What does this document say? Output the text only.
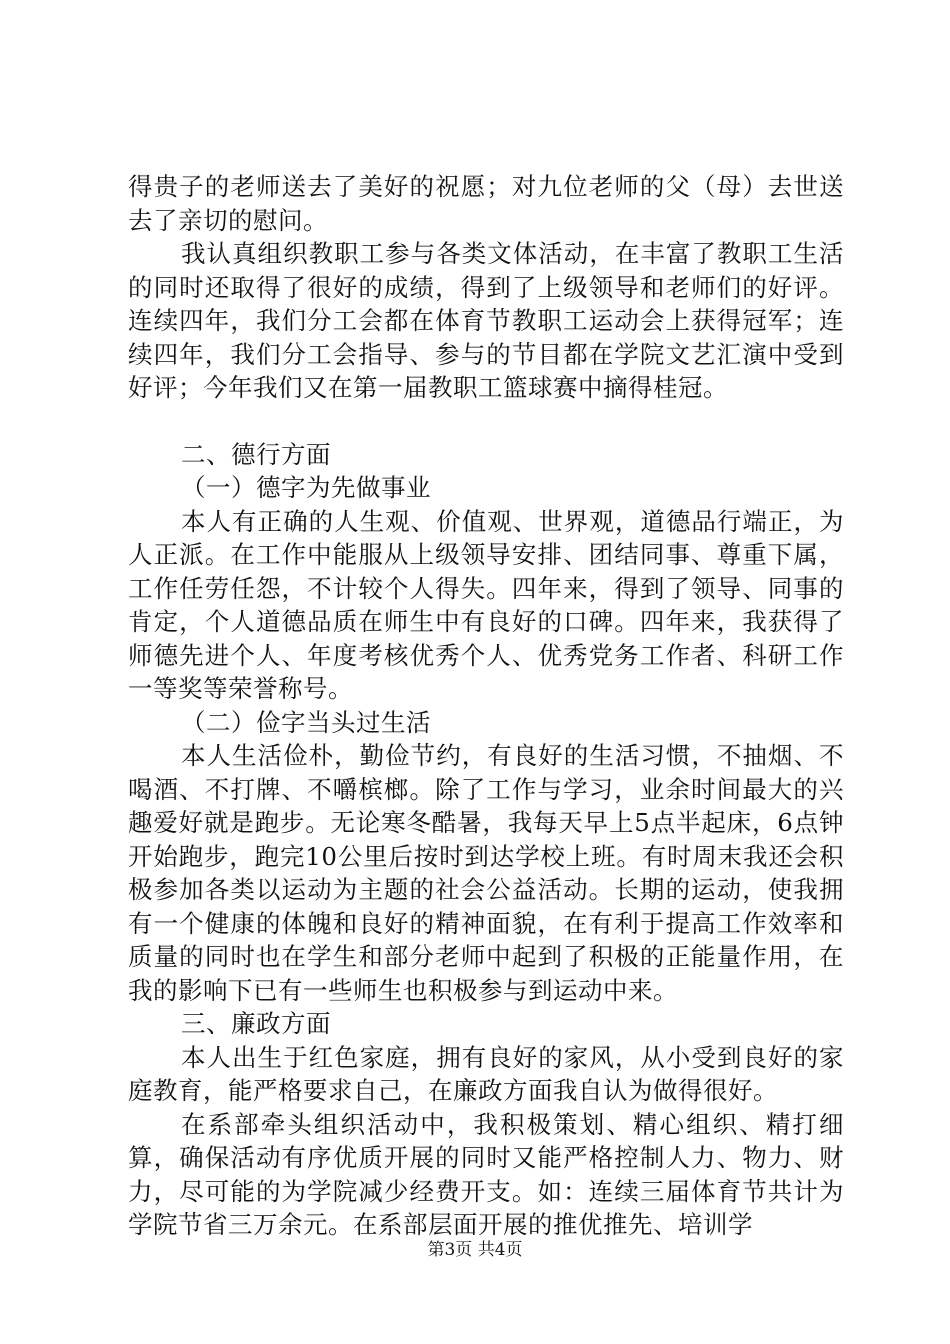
得贵子的老师送去了美好的祝愿；对九位老师的父（母）去世送去了亲切的慰问。

我认真组织教职工参与各类文体活动，在丰富了教职工生活的同时还取得了很好的成绩，得到了上级领导和老师们的好评。连续四年，我们分工会都在体育节教职工运动会上获得冠军；连续四年，我们分工会指导、参与的节目都在学院文艺汇演中受到好评；今年我们又在第一届教职工篮球赛中摘得桂冠。

二、德行方面

（一）德字为先做事业

本人有正确的人生观、价值观、世界观，道德品行端正，为人正派。在工作中能服从上级领导安排、团结同事、尊重下属，工作任劳任怨，不计较个人得失。四年来，得到了领导、同事的肯定，个人道德品质在师生中有良好的口碑。四年来，我获得了师德先进个人、年度考核优秀个人、优秀党务工作者、科研工作一等奖等荣誉称号。

（二）俭字当头过生活

本人生活俭朴，勤俭节约，有良好的生活习惯，不抽烟、不喝酒、不打牌、不嚼槟榔。除了工作与学习，业余时间最大的兴趣爱好就是跑步。无论寒冬酷暑，我每天早上5点半起床，6点钟开始跑步，跑完10公里后按时到达学校上班。有时周末我还会积极参加各类以运动为主题的社会公益活动。长期的运动，使我拥有一个健康的体魄和良好的精神面貌，在有利于提高工作效率和质量的同时也在学生和部分老师中起到了积极的正能量作用，在我的影响下已有一些师生也积极参与到运动中来。

三、廉政方面

本人出生于红色家庭，拥有良好的家风，从小受到良好的家庭教育，能严格要求自己，在廉政方面我自认为做得很好。

在系部牵头组织活动中，我积极策划、精心组织、精打细算，确保活动有序优质开展的同时又能严格控制人力、物力、财力，尽可能的为学院减少经费开支。如：连续三届体育节共计为学院节省三万余元。在系部层面开展的推优推先、培训学

第3页 共4页
